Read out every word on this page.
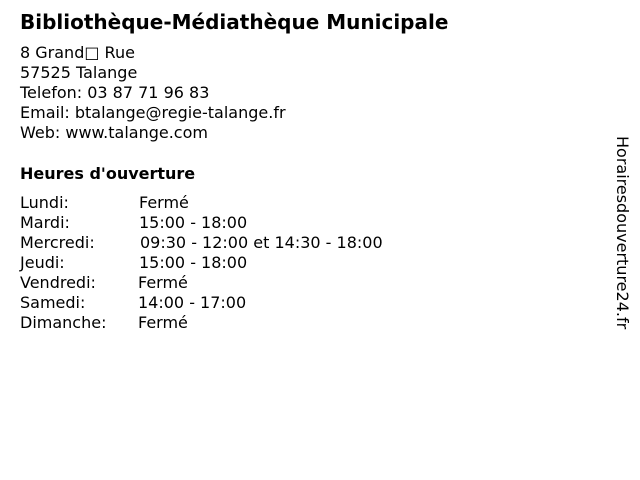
Bibliothèque-Médiathèque Municipale
8 Grand□ Rue
57525 Talange
Telefon: 03 87 71 96 83
Email: btalange@regie-talange.fr
Web: www.talange.com
Heures d'ouverture
Lundi:	Fermé
Mardi:	15:00 - 18:00
Mercredi:	09:30 - 12:00 et 14:30 - 18:00
Jeudi:	15:00 - 18:00
Vendredi:	Fermé
Samedi:	14:00 - 17:00
Dimanche: Fermé	Horairesdouverture24.fr
